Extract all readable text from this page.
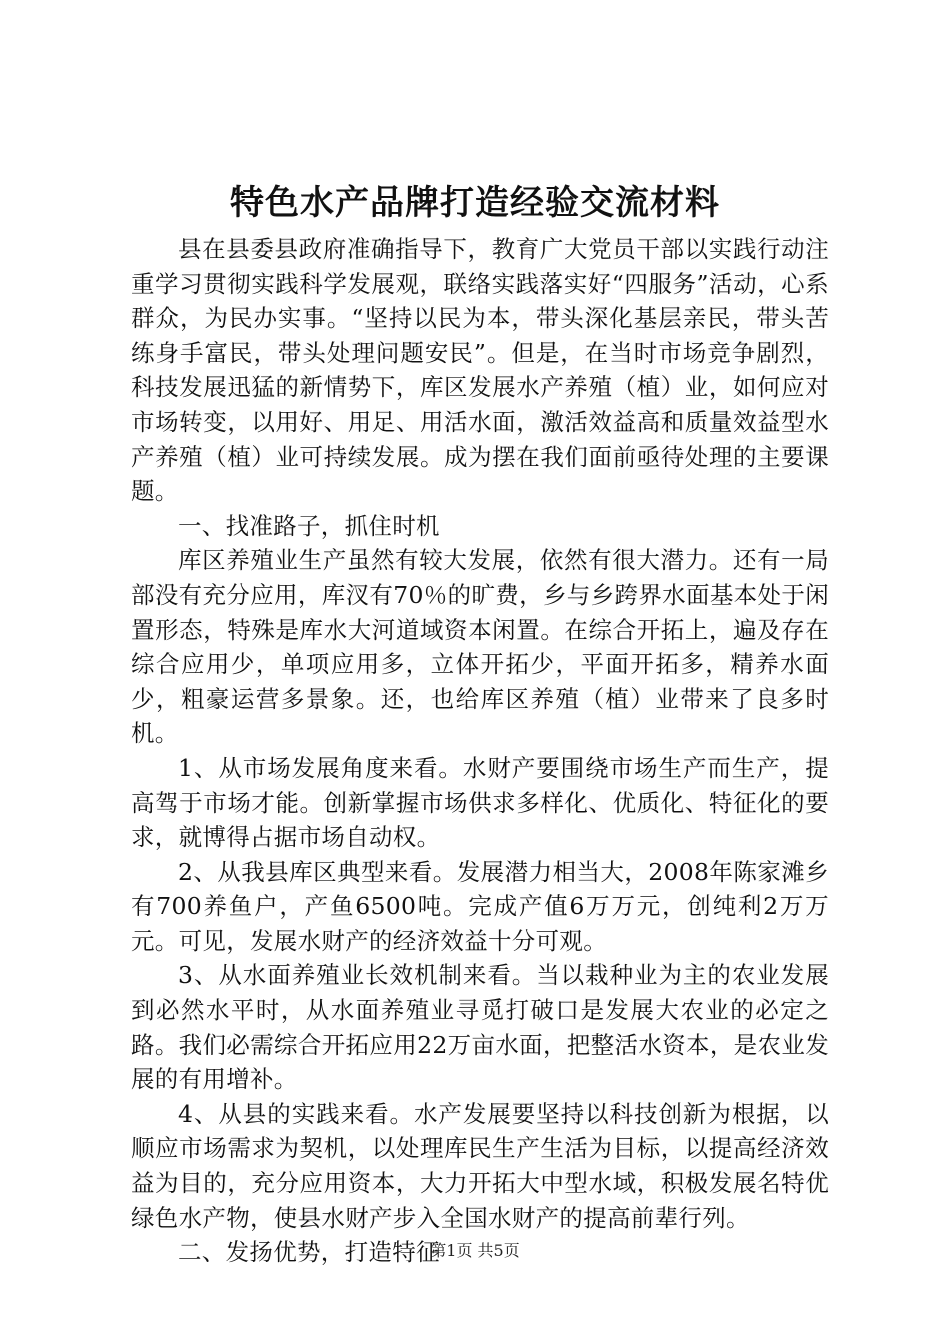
特色水产品牌打造经验交流材料

县在县委县政府准确指导下，教育广大党员干部以实践行动注重学习贯彻实践科学发展观，联络实践落实好“四服务”活动，心系群众，为民办实事。“坚持以民为本，带头深化基层亲民，带头苦练身手富民，带头处理问题安民”。但是，在当时市场竞争剧烈，科技发展迅猛的新情势下，库区发展水产养殖（植）业，如何应对市场转变，以用好、用足、用活水面，激活效益高和质量效益型水产养殖（植）业可持续发展。成为摆在我们面前亟待处理的主要课题。

一、找准路子，抓住时机

库区养殖业生产虽然有较大发展，依然有很大潜力。还有一局部没有充分应用，库汊有70％的旷费，乡与乡跨界水面基本处于闲置形态，特殊是库水大河道域资本闲置。在综合开拓上，遍及存在综合应用少，单项应用多，立体开拓少，平面开拓多，精养水面少，粗豪运营多景象。还，也给库区养殖（植）业带来了良多时机。

1、从市场发展角度来看。水财产要围绕市场生产而生产，提高驾于市场才能。创新掌握市场供求多样化、优质化、特征化的要求，就博得占据市场自动权。

2、从我县库区典型来看。发展潜力相当大，2008年陈家滩乡有700养鱼户，产鱼6500吨。完成产值6万万元，创纯利2万万元。可见，发展水财产的经济效益十分可观。

3、从水面养殖业长效机制来看。当以栽种业为主的农业发展到必然水平时，从水面养殖业寻觅打破口是发展大农业的必定之路。我们必需综合开拓应用22万亩水面，把整活水资本，是农业发展的有用增补。

4、从县的实践来看。水产发展要坚持以科技创新为根据，以顺应市场需求为契机，以处理库民生产生活为目标，以提高经济效益为目的，充分应用资本，大力开拓大中型水域，积极发展名特优绿色水产物，使县水财产步入全国水财产的提高前辈行列。

二、发扬优势，打造特征

第1页 共5页
